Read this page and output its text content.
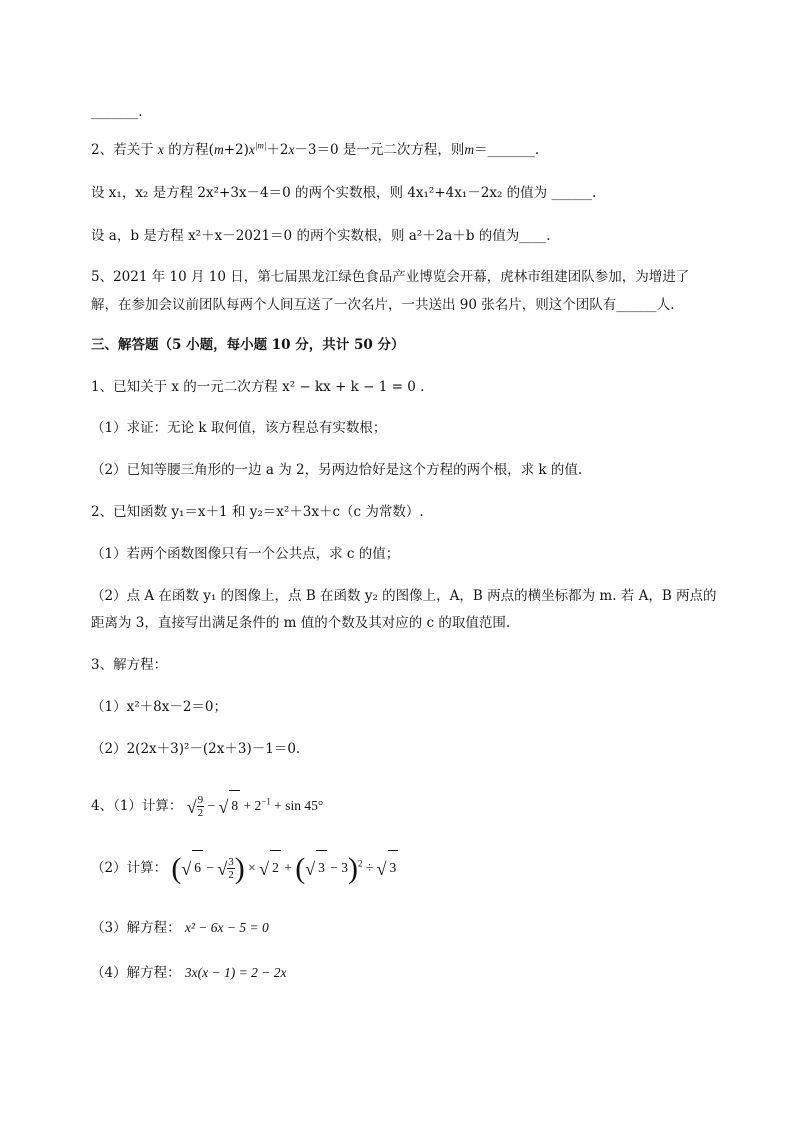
_______.
2、若关于 x 的方程$(m+2)x^{|m|}+2x-3=0$ 是一元二次方程，则m＝_______.
设 x₁，x₂ 是方程 2x²+3x－4＝0 的两个实数根，则 4x₁²+4x₁－2x₂ 的值为 ______.
设 a，b 是方程 x²＋x－2021＝0 的两个实数根，则 a²＋2a＋b 的值为____.
5、2021 年 10 月 10 日，第七届黑龙江绿色食品产业博览会开幕，虎林市组建团队参加，为增进了
解，在参加会议前团队每两个人间互送了一次名片，一共送出 90 张名片，则这个团队有______人.
三、解答题（5 小题，每小题 10 分，共计 50 分）
1、已知关于 x 的一元二次方程 x² − kx + k − 1 = 0 .
（1）求证：无论 k 取何值，该方程总有实数根；
（2）已知等腰三角形的一边 a 为 2，另两边恰好是这个方程的两个根，求 k 的值.
2、已知函数 y₁＝x＋1 和 y₂＝x²＋3x＋c（c 为常数）.
（1）若两个函数图像只有一个公共点，求 c 的值；
（2）点 A 在函数 y₁ 的图像上，点 B 在函数 y₂ 的图像上，A，B 两点的横坐标都为 m. 若 A，B 两点的
距离为 3，直接写出满足条件的 m 值的个数及其对应的 c 的取值范围.
3、解方程：
（1）x²＋8x－2＝0；
（2）2(2x＋3)²－(2x＋3)－1＝0.
4、（1）计算： √ $\frac{9}{2}$ − √ $8 + 2^{-1} + \sin 45^\circ$
（2）计算： (√ 6 − √ $\frac{3}{2}$ ) × √ 2 + (√ 3 − 3)$^2$ ÷ √ 3
（3）解方程： x² − 6x − 5 = 0
（4）解方程： 3x(x − 1) = 2 − 2x
